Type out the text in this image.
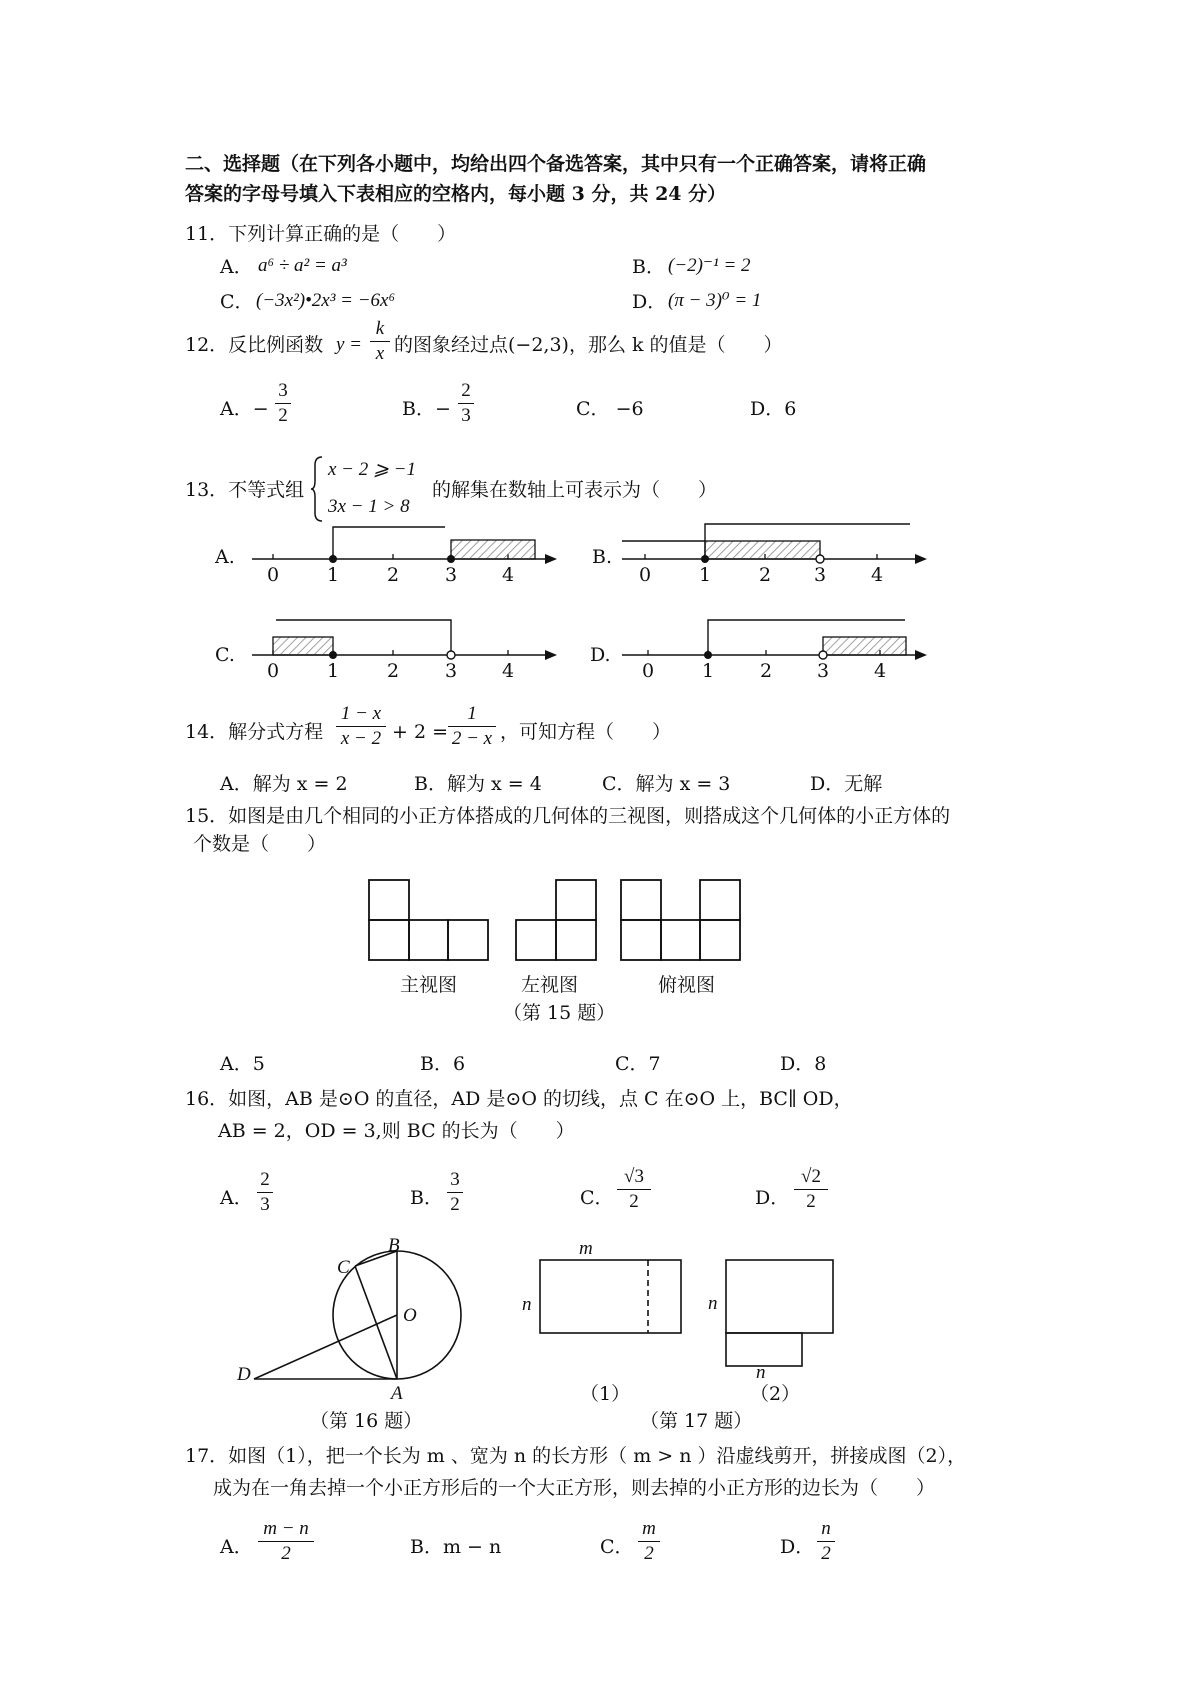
二、选择题（在下列各小题中，均给出四个备选答案，其中只有一个正确答案，请将正确
答案的字母号填入下表相应的空格内，每小题 3 分，共 24 分）
11．下列计算正确的是（　　）
A． a⁶ ÷ a² = a³	B． (−2)⁻¹ = 2
C． (−3x²)•2x³ = −6x⁶	D． (π − 3)⁰ = 1
12．反比例函数 y =
k
x 的图象经过点(−2,3)，那么 k 的值是（　　）
A．−
3
2	B．−
2
3	C． −6	D．6
13．不等式组
x − 2 ⩾ −1
3x − 1 > 8
的解集在数轴上可表示为（　　）
A.	B.
C.	D.
0	1	2 3 4	0	1	2 3 4
0	1	2 3 4	0	1 2 3 4
14．解分式方程
1 − x
x − 2 + 2 =
1
2 − x ，可知方程（　　）
A．解为 x = 2	B．解为 x = 4	C．解为 x = 3	D．无解
15．如图是由几个相同的小正方体搭成的几何体的三视图，则搭成这个几何体的小正方体的
个数是（　　）
主视图	左视图	俯视图
（第 15 题）
A．5	B．6	C．7	D．8
16．如图，AB 是⊙O 的直径，AD 是⊙O 的切线，点 C 在⊙O 上，BC∥ OD，
AB = 2，OD = 3,则 BC 的长为（　　）
A．
2
3	B．
3
2	C．
√3
2	D．
√2
2
B
C
O
D
A
（第 16 题）
m
n	n
n
（1）	（2）
（第 17 题）
17．如图（1），把一个长为 m 、宽为 n 的长方形（ m > n ）沿虚线剪开，拼接成图（2），
成为在一角去掉一个小正方形后的一个大正方形，则去掉的小正方形的边长为（　　）
A．
m − n
2	B．m − n	C．
m
2	D．
n
2
